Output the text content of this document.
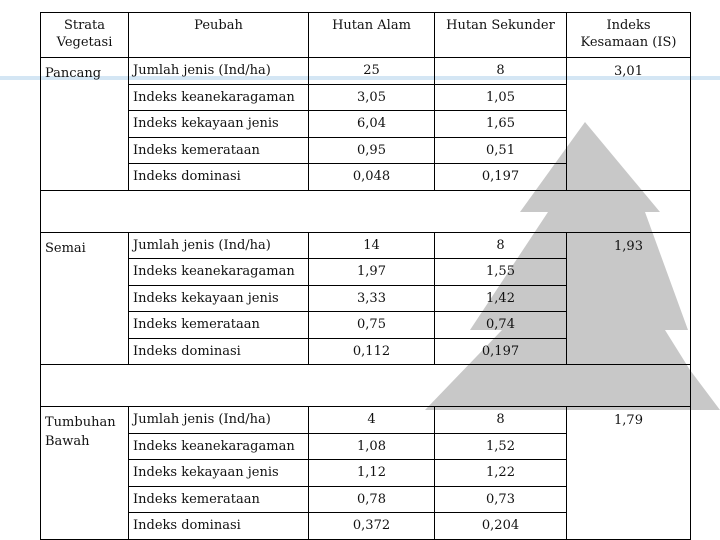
Strata
Vegetasi	Peubah	Hutan Alam	Hutan Sekunder	Indeks
Kesamaan (IS)

Pancang	Jumlah jenis (Ind/ha)	25	8	3,01
	Indeks keanekaragaman	3,05	1,05	
	Indeks kekayaan jenis	6,04	1,65	
	Indeks kemerataan	0,95	0,51	
	Indeks dominasi	0,048	0,197	

Semai	Jumlah jenis (Ind/ha)	14	8	1,93
	Indeks keanekaragaman	1,97	1,55	
	Indeks kekayaan jenis	3,33	1,42	
	Indeks kemerataan	0,75	0,74	
	Indeks dominasi	0,112	0,197	

Tumbuhan
Bawah	Jumlah jenis (Ind/ha)	4	8	1,79
	Indeks keanekaragaman	1,08	1,52	
	Indeks kekayaan jenis	1,12	1,22	
	Indeks kemerataan	0,78	0,73	
	Indeks dominasi	0,372	0,204	
